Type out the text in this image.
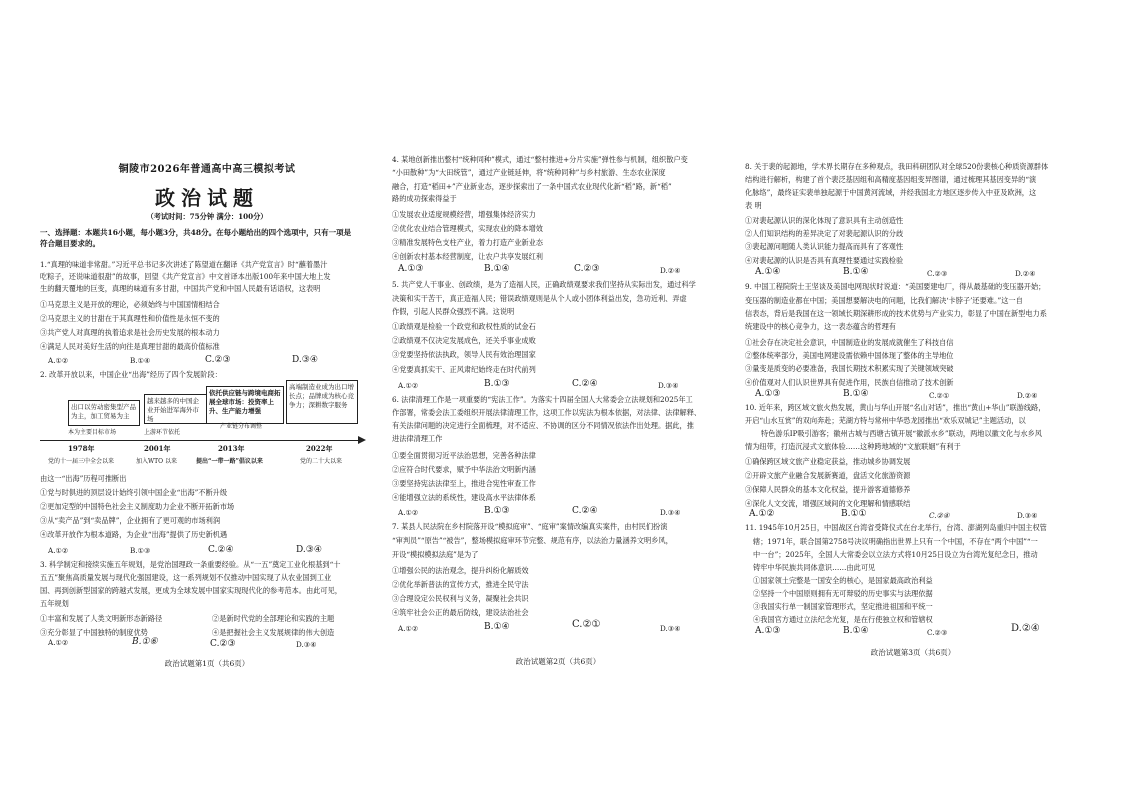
铜陵市2026年普通高中高三模拟考试
政治试题
（考试时间：75分钟 满分：100分）
一、选择题：本题共16小题，每小题3分，共48分。在每小题给出的四个选项中，只有一项是
符合题目要求的。
1.“真理的味道非常甜。”习近平总书记多次讲述了陈望道在翻译《共产党宣言》时“蘸着墨汁
吃粽子，还说味道很甜”的故事，回望《共产党宣言》中文首译本出版100年来中国大地上发
生的翻天覆地的巨变，真理的味道有多甘甜，中国共产党和中国人民最有话语权，这表明
①马克思主义是开放的理论，必须始终与中国国情相结合
②马克思主义的甘甜在于其真理性和价值性是永恒不变的
③共产党人对真理的执着追求是社会历史发展的根本动力
④满足人民对美好生活的向往是真理甘甜的最高价值标准
A.①②	B.①④	C.②③	D.③④
2. 改革开放以来，中国企业“出海”经历了四个发展阶段：
出口以劳动密集型产品为主，加工贸易为主
越来越多的中国企业开始进军海外市场
依托供应链与跨境电商拓展全球市场：投资率上升、生产能力增强
高端制造业成为出口增长点；品牌成为核心竞争力；深耕数字服务
本为主要目标市场	上游环节依托
产业链分布调整
1978年	2001年	2013年	2022年
党的十一届三中全会以来	加入WTO 以来	提出“一带一路”倡议以来	党的二十大以来
由这一“出海”历程可推断出
①党与时俱进的顶层设计始终引领中国企业“出海”不断升级
②更加定型的中国特色社会主义制度助力企业不断开拓新市场
③从“卖产品”到“卖品牌”，企业拥有了更可观的市场利润
④改革开放作为根本道路，为企业“出海”提供了历史新机遇
A.①②	B.①③	C.②④	D.③④
3. 科学制定和接续实施五年规划，是党治国理政一条重要经验。从“一五”奠定工业化根基到“十
五五”聚焦高质量发展与现代化强国建设，这一系列规划不仅推动中国实现了从农业国到工业
国、再到创新型国家的跨越式发展，更成为全球发展中国家实现现代化的参考范本。由此可见，
五年规划
①丰富和发展了人类文明新形态新路径	②是新时代党的全部理论和实践的主题
③充分彰显了中国独特的制度优势	④是把握社会主义发展规律的伟大创造
A.①②	B.①⑥	C.②③	D.③④
政治试题第1页（共6页）
4. 某地创新推出整村“统种同种”模式，通过“整村推进+分片实施”弹性参与机制，组织散户变
“小田散种”为“大田统管”，通过产业链延伸，将“统种同种”与乡村旅游、生态农业深度
融合，打造“稻田+”产业新业态，逐步探索出了一条中国式农业现代化新“稻”路，新“稻”
路的成功探索得益于
①发展农业适度规模经营，增强集体经济实力
②优化农业结合管理模式，实现农业的降本增效
③精准发展特色支柱产业，着力打造产业新业态
④创新农村基本经营制度，让农户共享发展红利
A.①③	B.①④	C.②③	D.②④
5. 共产党人干事业、创政绩，是为了造福人民，正确政绩观要求我们坚持从实际出发，通过科学
决策和实干苦干，真正造福人民；错误政绩观则是从个人或小团体利益出发，急功近利、弄虚
作假，引起人民群众强烈不满。这说明
①政绩观是检验一个政党和政权性质的试金石
②政绩观不仅决定发展成色，还关乎事业成败
③党要坚持依法执政，领导人民有效治理国家
④党要真抓实干、正风肃纪始终走在时代前列
A.①②	B.①③	C.②④	D.③④
6. 法律清理工作是一项重要的“宪法工作”。为落实十四届全国人大常委会立法规划和2025年工
作部署，常委会法工委组织开展法律清理工作，这项工作以宪法为根本依据，对法律、法律解释、
有关法律问题的决定进行全面梳理，对不适应、不协调的区分不同情况依法作出处理。据此，推
进法律清理工作
①要全面贯彻习近平法治思想，完善各种法律
②应符合时代要求，赋予中华法治文明新内涵
③要坚持宪法法律至上，推进合宪性审查工作
④能增强立法的系统性，建设高水平法律体系
A.①②	B.①③	C.②④	D.③④
7. 某县人民法院在乡村院落开设“模拟庭审”、“庭审”案情改编真实案件，由村民们扮演
“审判员”“原告”“被告”，整场模拟庭审环节完整、规范有序，以法治力量涵养文明乡风，
开设“模拟模拟法庭”是为了
①增强公民的法治观念，提升纠纷化解质效
②优化举新普法的宣传方式，推进全民守法
③合理设定公民权利与义务，凝聚社会共识
④筑牢社会公正的最后防线，建设法治社会
A.①②	B.①④	C.②①	D.③④
政治试题第2页（共6页）
8. 关于裴的起源地，学术界长期存在多种观点，我田科研团队对全球520份裴核心种质资源群体
结构进行解析，构建了首个裴泛基因组和高精度基因组变异图谱，通过梳理其基因变异的“演
化脉络”，最终证实裴单独起源于中国黄河流域，并经我国北方地区逐步传入中亚及欧洲，这
表 明
①对裴起源认识的深化体现了意识具有主动创造性
②人们知识结构的差异决定了对裴起源认识的分歧
③裴起源问题随人类认识能力提高而具有了客观性
④对裴起源的认识是否具有真理性要通过实践检验
A.①④	B.①④	C.②③	D.②④
9. 中国工程院院士王坚谈及美国电网现状时说道：“美国要建电厂，得从最基础的变压器开始；
变压器的制造业都在中国；美国想要解决电的问题，比我们解决‘卡脖子’还要难。”这一自
信表态，背后是我国在这一领域长期深耕形成的技术优势与产业实力，彰显了中国在新型电力系
统建设中的核心竞争力，这一表态蕴含的哲理有
①社会存在决定社会意识，中国制造业的发展成就催生了科技自信
②整体统率部分，美国电网建设需依赖中国体现了整体的主导地位
③量变是质变的必要准备，我国长期技术积累实现了关键领域突破
④价值观对人们认识世界具有促进作用，民族自信推动了技术创新
A.①③	B.①④	C.②①	D.②④
10. 近年来，跨区域文旅火热发展，黄山与华山开展“名山对话”，推出“黄山+华山”联游线路，
开启“山水互赏”的双向奔赴；芜湖方特与常州中华恐龙园推出“欢乐双城记”主题活动，以
特色游乐IP吸引游客；徽州古城与西塘古镇开展“徽派水乡”联动，两地以徽文化与水乡风
情为纽带，打造沉浸式文旅体验……这种跨地域的“文旅联姻”有利于
①确保跨区域文旅产业稳定获益，推动城乡协调发展
②开辟文旅产业融合发展新赛道，盘活文化旅游资源
③保障人民群众的基本文化权益，提升游客道德修养
④深化人文交流，增强区域间的文化理解和情感联结
A.①②	B.①①	C.②④	D.③④
11. 1945年10月25日，中国战区台湾省受降仪式在台北举行，台湾、澎湖列岛重归中国主权管
辖；1971年，联合国第2758号决议明确指出世界上只有一个中国，不存在“两个中国”“一
中一台”；2025年，全国人大常委会以立法方式将10月25日设立为台湾光复纪念日，推动
铸牢中华民族共同体意识……由此可见
①国家领土完整是一国安全的核心，是国家最高政治利益
②坚持一个中国原则拥有无可辩驳的历史事实与法理依据
③我国实行单一制国家管理形式，坚定推进祖国和平统一
④我国官方通过立法纪念光复，是在行使独立权和管辖权
A.①③	B.①④	C.②③	D.②④
政治试题第3页（共6页）
